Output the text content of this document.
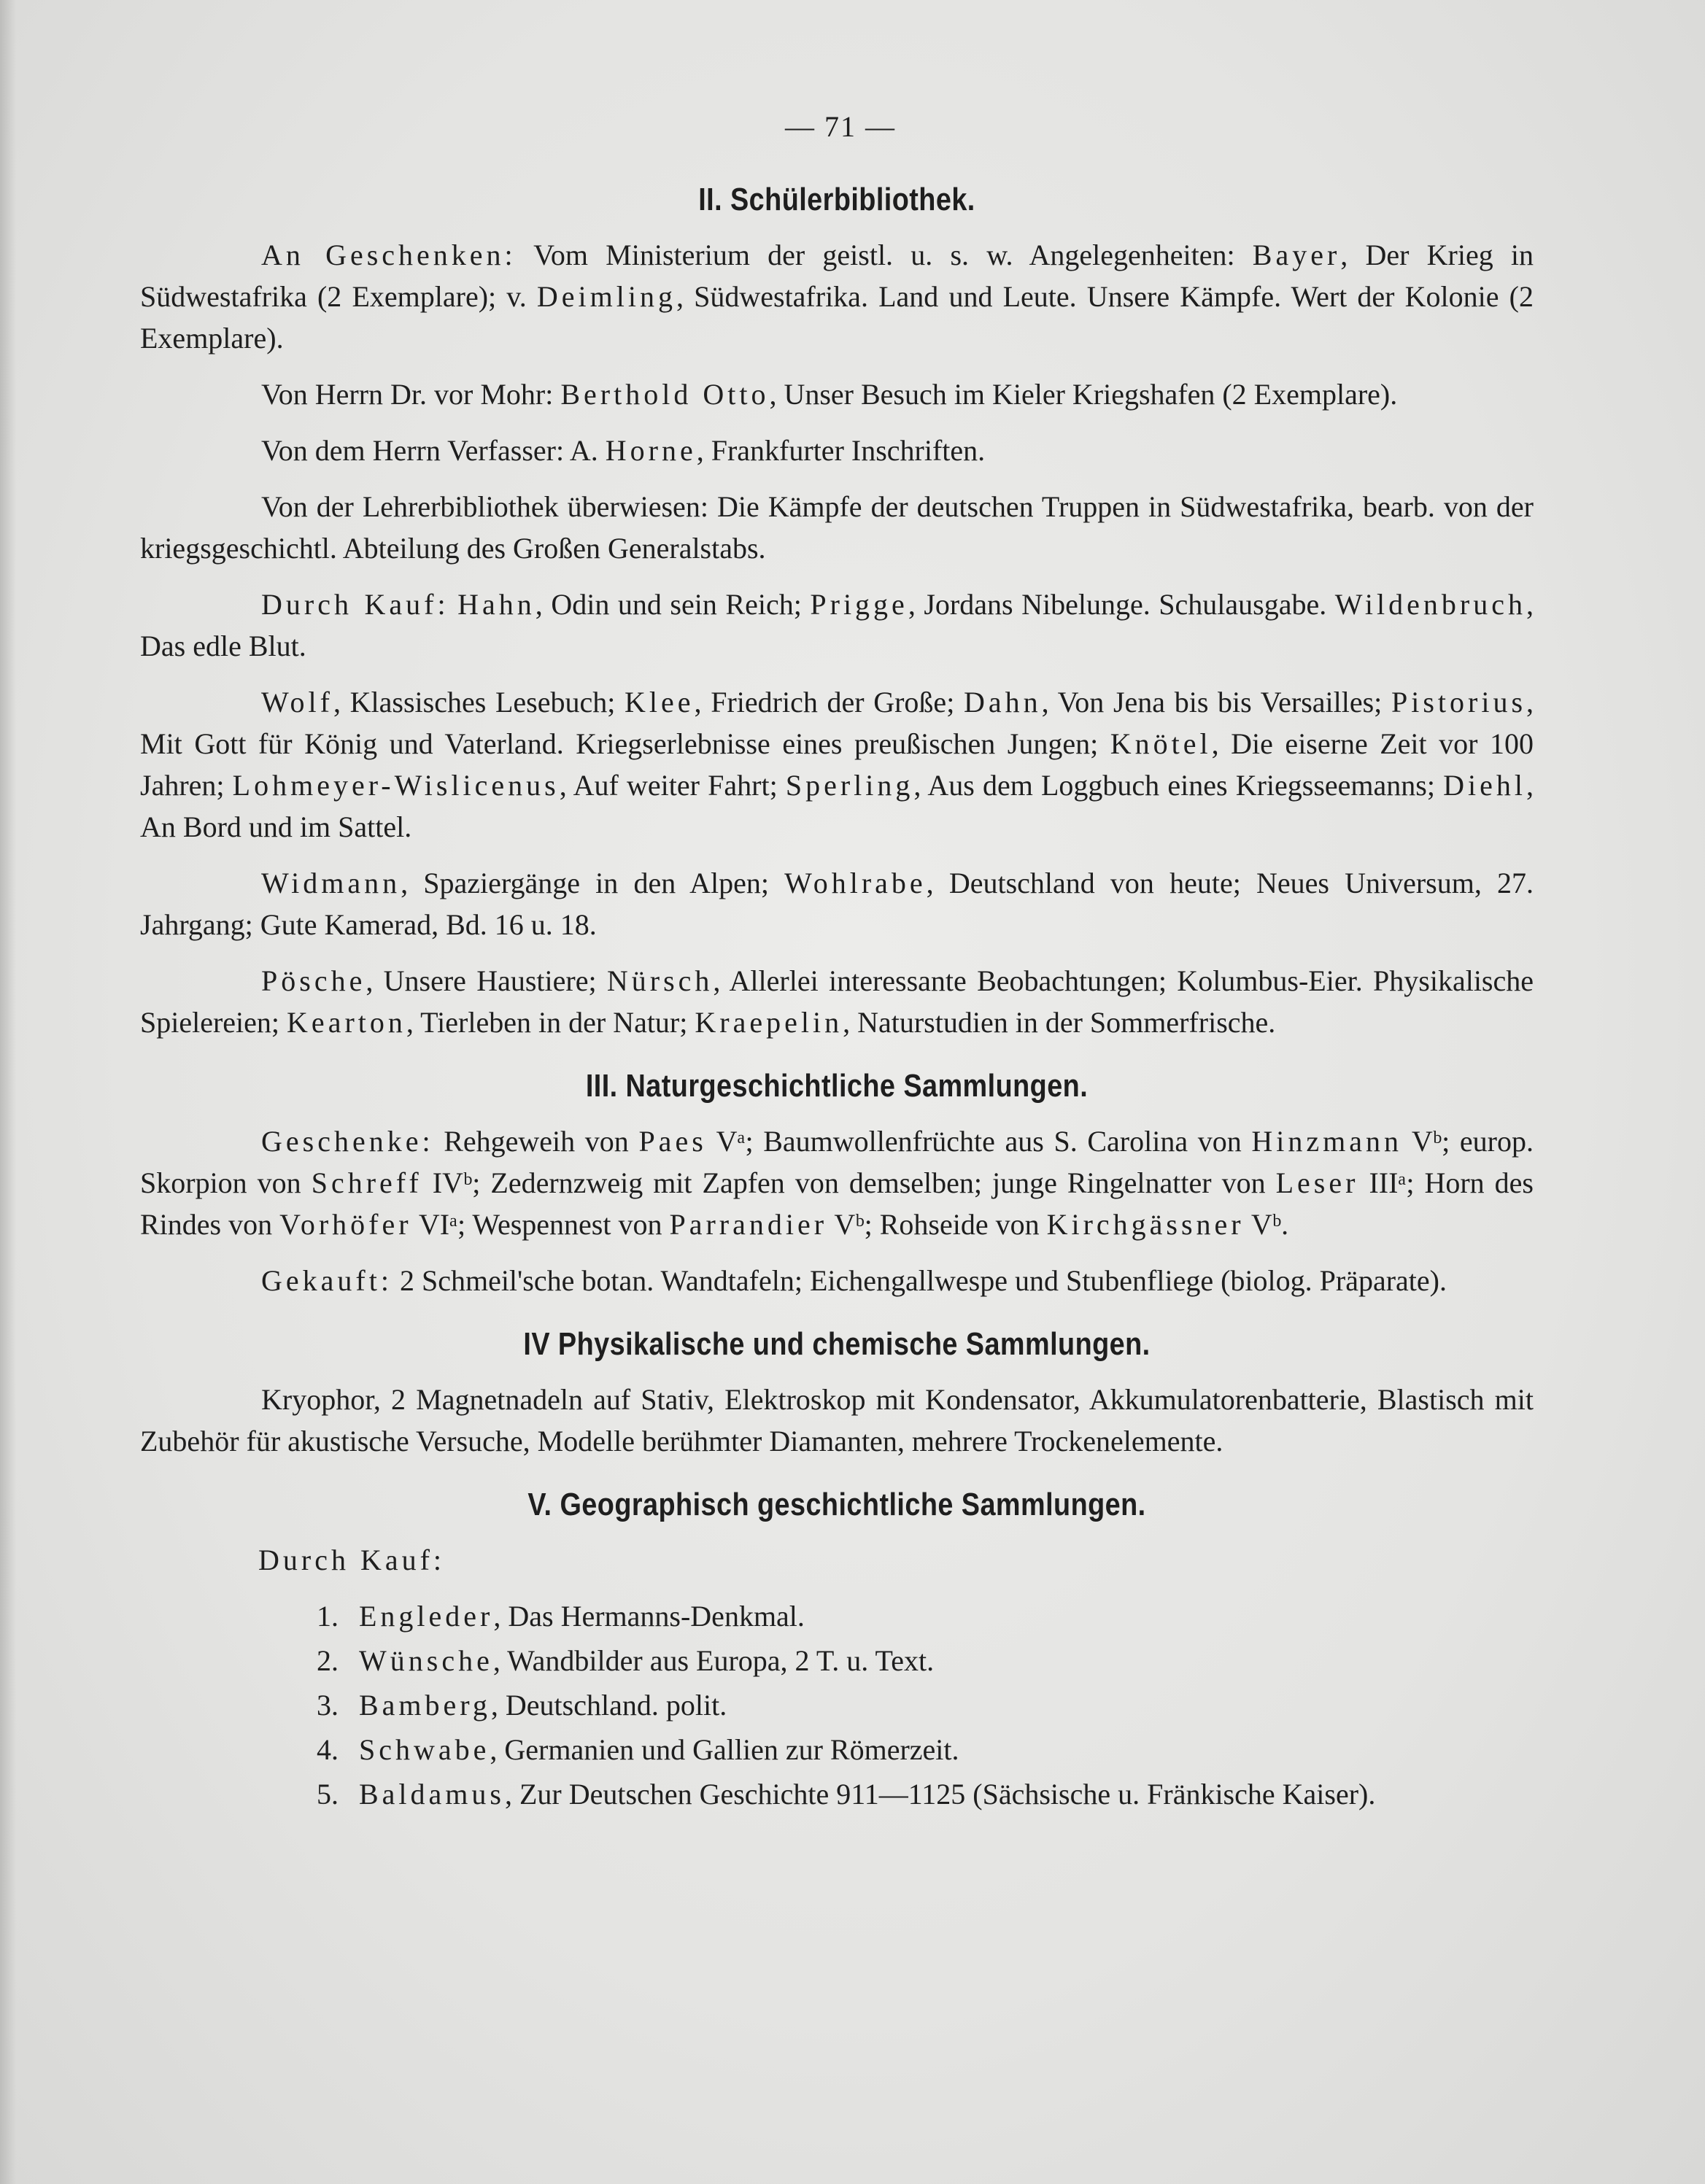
— 71 —
II. Schülerbibliothek.

An Geschenken: Vom Ministerium der geistl. u. s. w. Angelegenheiten: Bayer, Der Krieg in Südwestafrika (2 Exemplare); v. Deimling, Südwestafrika. Land und Leute. Unsere Kämpfe. Wert der Kolonie (2 Exemplare).

Von Herrn Dr. vor Mohr: Berthold Otto, Unser Besuch im Kieler Kriegshafen (2 Exemplare).

Von dem Herrn Verfasser: A. Horne, Frankfurter Inschriften.

Von der Lehrerbibliothek überwiesen: Die Kämpfe der deutschen Truppen in Südwestafrika, bearb. von der kriegsgeschichtl. Abteilung des Großen Generalstabs.

Durch Kauf: Hahn, Odin und sein Reich; Prigge, Jordans Nibelunge. Schulausgabe. Wildenbruch, Das edle Blut.

Wolf, Klassisches Lesebuch; Klee, Friedrich der Große; Dahn, Von Jena bis bis Versailles; Pistorius, Mit Gott für König und Vaterland. Kriegserlebnisse eines preußischen Jungen; Knötel, Die eiserne Zeit vor 100 Jahren; Lohmeyer-Wislicenus, Auf weiter Fahrt; Sperling, Aus dem Loggbuch eines Kriegsseemanns; Diehl, An Bord und im Sattel.

Widmann, Spaziergänge in den Alpen; Wohlrabe, Deutschland von heute; Neues Universum, 27. Jahrgang; Gute Kamerad, Bd. 16 u. 18.

Pösche, Unsere Haustiere; Nürsch, Allerlei interessante Beobachtungen; Kolumbus-Eier. Physikalische Spielereien; Kearton, Tierleben in der Natur; Kraepelin, Naturstudien in der Sommerfrische.

III. Naturgeschichtliche Sammlungen.

Geschenke: Rehgeweih von Paes Vᵃ; Baumwollenfrüchte aus S. Carolina von Hinzmann Vᵇ; europ. Skorpion von Schreff IVᵇ; Zedernzweig mit Zapfen von demselben; junge Ringelnatter von Leser IIIᵃ; Horn des Rindes von Vorhöfer VIᵃ; Wespennest von Parrandier Vᵇ; Rohseide von Kirchgässner Vᵇ.

Gekauft: 2 Schmeil'sche botan. Wandtafeln; Eichengallwespe und Stubenfliege (biolog. Präparate).

IV Physikalische und chemische Sammlungen.

Kryophor, 2 Magnetnadeln auf Stativ, Elektroskop mit Kondensator, Akkumulatorenbatterie, Blastisch mit Zubehör für akustische Versuche, Modelle berühmter Diamanten, mehrere Trockenelemente.

V. Geographisch geschichtliche Sammlungen.
Durch Kauf:
1. Engleder, Das Hermanns-Denkmal.
2. Wünsche, Wandbilder aus Europa, 2 T. u. Text.
3. Bamberg, Deutschland. polit.
4. Schwabe, Germanien und Gallien zur Römerzeit.
5. Baldamus, Zur Deutschen Geschichte 911—1125 (Sächsische u. Fränkische Kaiser).
